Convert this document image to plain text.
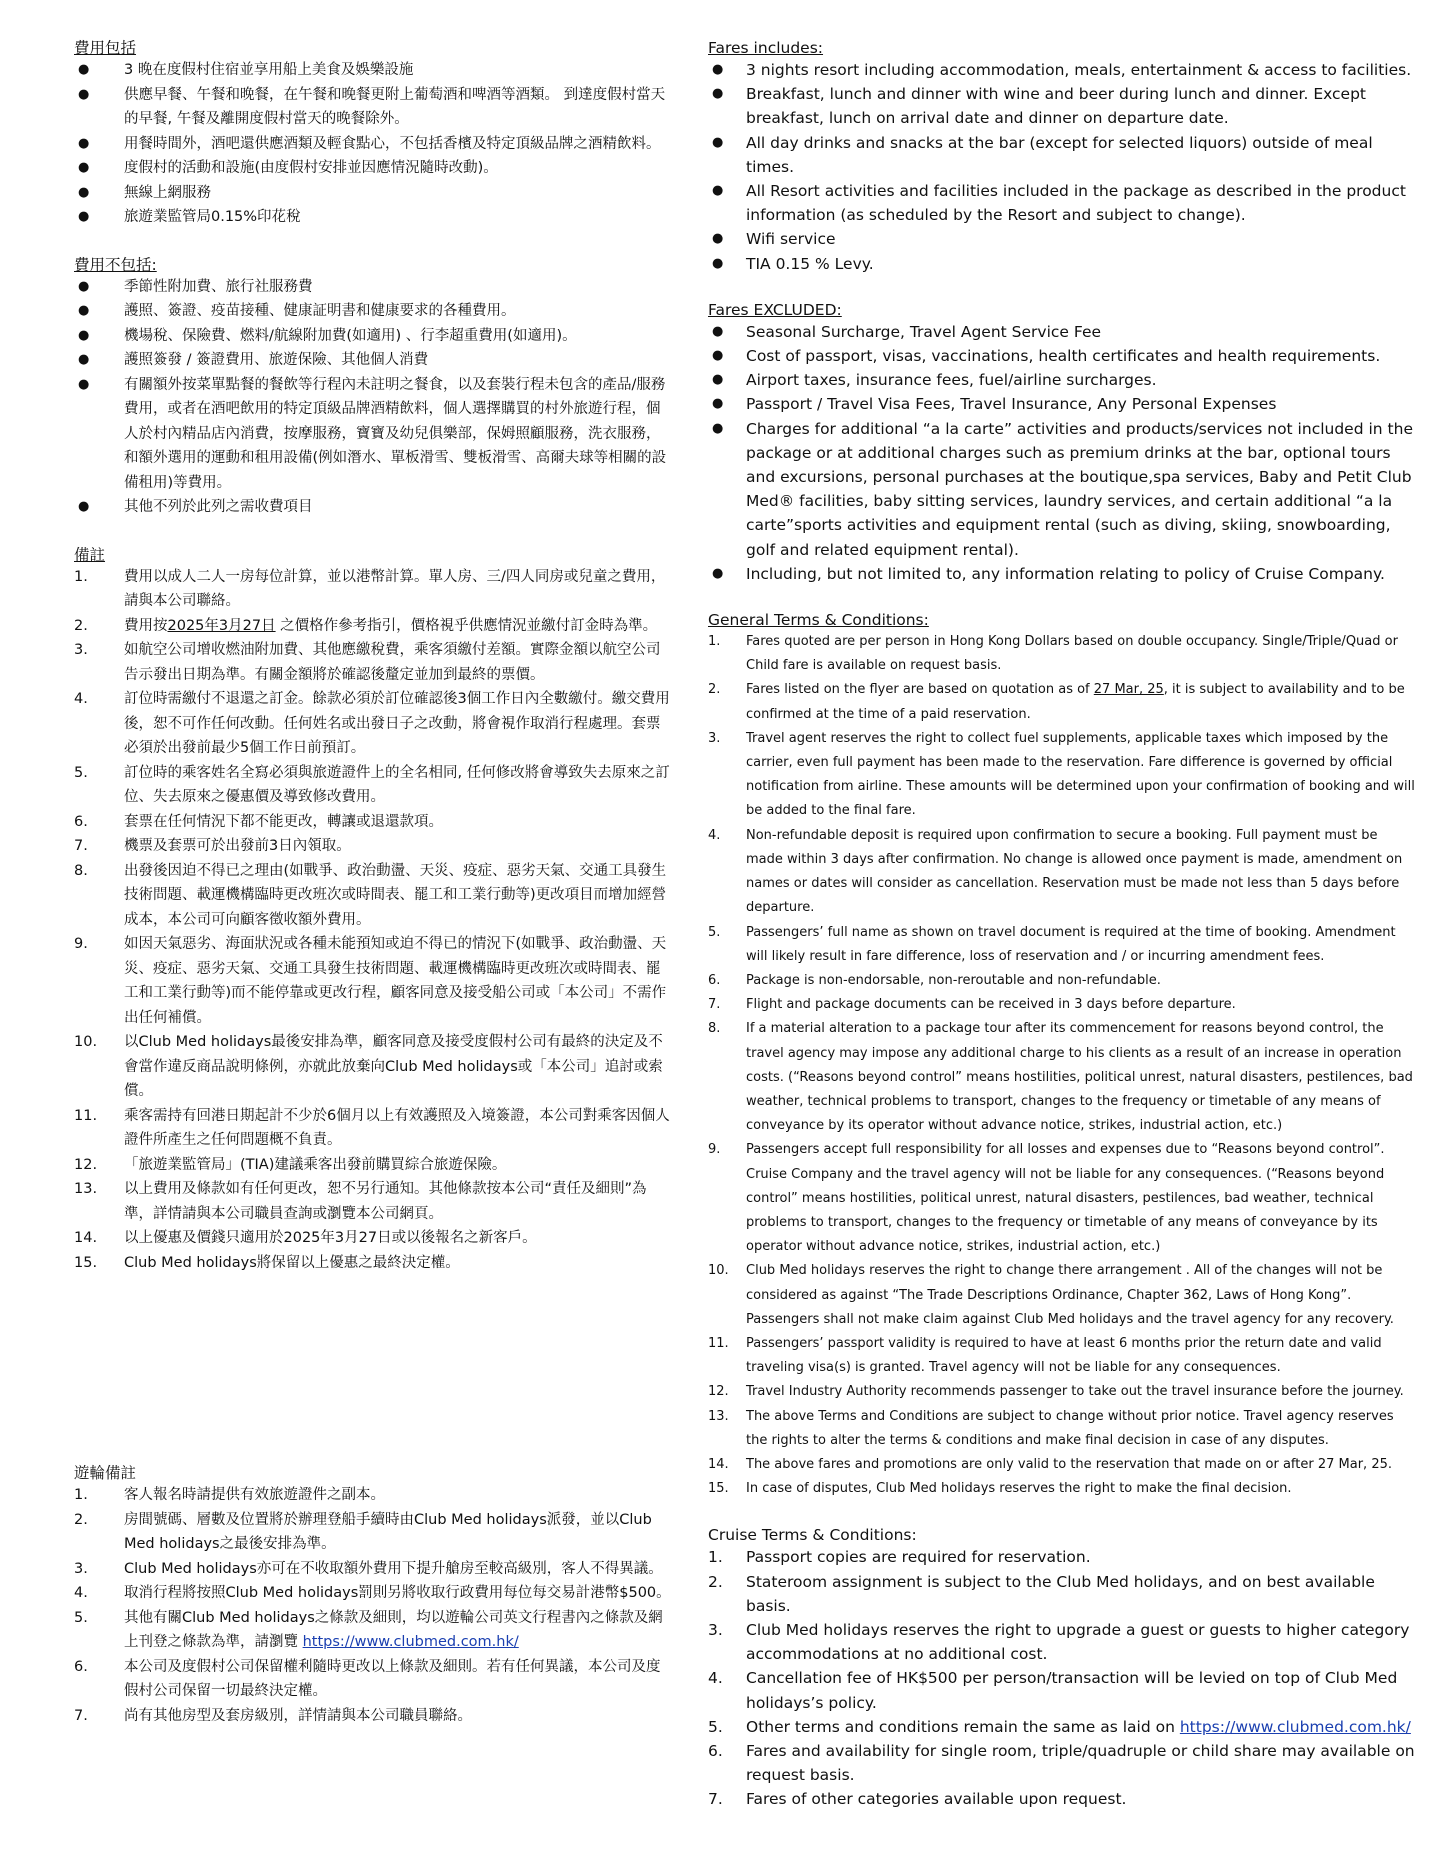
費用包括
● 3 晚在度假村住宿並享用船上美食及娛樂設施
● 供應早餐、午餐和晚餐，在午餐和晚餐更附上葡萄酒和啤酒等酒類。 到達度假村當天的早餐, 午餐及離開度假村當天的晚餐除外。
● 用餐時間外，酒吧還供應酒類及輕食點心，不包括香檳及特定頂級品牌之酒精飲料。
● 度假村的活動和設施(由度假村安排並因應情況隨時改動)。
● 無線上網服務
● 旅遊業監管局0.15%印花稅
費用不包括:
● 季節性附加費、旅行社服務費
● 護照、簽證、疫苗接種、健康証明書和健康要求的各種費用。
● 機場稅、保險費、燃料/航線附加費(如適用) 、行李超重費用(如適用)。
● 護照簽發 / 簽證費用、旅遊保險、其他個人消費
● 有關額外按菜單點餐的餐飲等行程內未註明之餐食，以及套裝行程未包含的產品/服務費用，或者在酒吧飲用的特定頂級品牌酒精飲料，個人選擇購買的村外旅遊行程，個人於村內精品店內消費，按摩服務，寶寶及幼兒俱樂部，保姆照顧服務，洗衣服務，和額外選用的運動和租用設備(例如潛水、單板滑雪、雙板滑雪、高爾夫球等相關的設備租用)等費用。
● 其他不列於此列之需收費項目
備註
1. 費用以成人二人一房每位計算，並以港幣計算。單人房、三/四人同房或兒童之費用，請與本公司聯絡。
2. 費用按2025年3月27日 之價格作參考指引，價格視乎供應情況並繳付訂金時為準。
3. 如航空公司增收燃油附加費、其他應繳稅費，乘客須繳付差額。實際金額以航空公司告示發出日期為準。有關金額將於確認後釐定並加到最終的票價。
4. 訂位時需繳付不退還之訂金。餘款必須於訂位確認後3個工作日內全數繳付。繳交費用後，恕不可作任何改動。任何姓名或出發日子之改動，將會視作取消行程處理。套票必須於出發前最少5個工作日前預訂。
5. 訂位時的乘客姓名全寫必須與旅遊證件上的全名相同, 任何修改將會導致失去原來之訂位、失去原來之優惠價及導致修改費用。
6. 套票在任何情況下都不能更改，轉讓或退還款項。
7. 機票及套票可於出發前3日內領取。
8. 出發後因迫不得已之理由(如戰爭、政治動盪、天災、疫症、惡劣天氣、交通工具發生技術問題、載運機構臨時更改班次或時間表、罷工和工業行動等)更改項目而增加經營成本，本公司可向顧客徵收額外費用。
9. 如因天氣惡劣、海面狀況或各種未能預知或迫不得已的情況下(如戰爭、政治動盪、天災、疫症、惡劣天氣、交通工具發生技術問題、載運機構臨時更改班次或時間表、罷工和工業行動等)而不能停靠或更改行程，顧客同意及接受船公司或「本公司」不需作出任何補償。
10. 以Club Med holidays最後安排為準，顧客同意及接受度假村公司有最終的決定及不會當作違反商品說明條例，亦就此放棄向Club Med holidays或「本公司」追討或索償。
11. 乘客需持有回港日期起計不少於6個月以上有效護照及入境簽證，本公司對乘客因個人證件所產生之任何問題概不負責。
12. 「旅遊業監管局」(TIA)建議乘客出發前購買綜合旅遊保險。
13. 以上費用及條款如有任何更改，恕不另行通知。其他條款按本公司“責任及細則”為準，詳情請與本公司職員查詢或瀏覽本公司網頁。
14. 以上優惠及價錢只適用於2025年3月27日或以後報名之新客戶。
15. Club Med holidays將保留以上優惠之最終決定權。
遊輪備註
1. 客人報名時請提供有效旅遊證件之副本。
2. 房間號碼、層數及位置將於辦理登船手續時由Club Med holidays派發，並以Club Med holidays之最後安排為準。
3. Club Med holidays亦可在不收取額外費用下提升艙房至較高級別，客人不得異議。
4. 取消行程將按照Club Med holidays罰則另將收取行政費用每位每交易計港幣$500。
5. 其他有關Club Med holidays之條款及細則，均以遊輪公司英文行程書內之條款及網上刊登之條款為準，請瀏覽 https://www.clubmed.com.hk/
6. 本公司及度假村公司保留權利隨時更改以上條款及細則。若有任何異議，本公司及度假村公司保留一切最終決定權。
7. 尚有其他房型及套房級別，詳情請與本公司職員聯絡。
Fares includes:
● 3 nights resort including accommodation, meals, entertainment & access to facilities.
● Breakfast, lunch and dinner with wine and beer during lunch and dinner. Except breakfast, lunch on arrival date and dinner on departure date.
● All day drinks and snacks at the bar (except for selected liquors) outside of meal times.
● All Resort activities and facilities included in the package as described in the product information (as scheduled by the Resort and subject to change).
● Wifi service
● TIA 0.15 % Levy.
Fares EXCLUDED:
● Seasonal Surcharge, Travel Agent Service Fee
● Cost of passport, visas, vaccinations, health certificates and health requirements.
● Airport taxes, insurance fees, fuel/airline surcharges.
● Passport / Travel Visa Fees, Travel Insurance, Any Personal Expenses
● Charges for additional “a la carte” activities and products/services not included in the package or at additional charges such as premium drinks at the bar, optional tours and excursions, personal purchases at the boutique,spa services, Baby and Petit Club Med® facilities, baby sitting services, laundry services, and certain additional “a la carte”sports activities and equipment rental (such as diving, skiing, snowboarding, golf and related equipment rental).
● Including, but not limited to, any information relating to policy of Cruise Company.
General Terms & Conditions:
1. Fares quoted are per person in Hong Kong Dollars based on double occupancy. Single/Triple/Quad or Child fare is available on request basis.
2. Fares listed on the flyer are based on quotation as of 27 Mar, 25, it is subject to availability and to be confirmed at the time of a paid reservation.
3. Travel agent reserves the right to collect fuel supplements, applicable taxes which imposed by the carrier, even full payment has been made to the reservation. Fare difference is governed by official notification from airline. These amounts will be determined upon your confirmation of booking and will be added to the final fare.
4. Non-refundable deposit is required upon confirmation to secure a booking. Full payment must be made within 3 days after confirmation. No change is allowed once payment is made, amendment on names or dates will consider as cancellation. Reservation must be made not less than 5 days before departure.
5. Passengers’ full name as shown on travel document is required at the time of booking. Amendment will likely result in fare difference, loss of reservation and / or incurring amendment fees.
6. Package is non-endorsable, non-reroutable and non-refundable.
7. Flight and package documents can be received in 3 days before departure.
8. If a material alteration to a package tour after its commencement for reasons beyond control, the travel agency may impose any additional charge to his clients as a result of an increase in operation costs. (“Reasons beyond control” means hostilities, political unrest, natural disasters, pestilences, bad weather, technical problems to transport, changes to the frequency or timetable of any means of conveyance by its operator without advance notice, strikes, industrial action, etc.)
9. Passengers accept full responsibility for all losses and expenses due to “Reasons beyond control”. Cruise Company and the travel agency will not be liable for any consequences. (“Reasons beyond control” means hostilities, political unrest, natural disasters, pestilences, bad weather, technical problems to transport, changes to the frequency or timetable of any means of conveyance by its operator without advance notice, strikes, industrial action, etc.)
10. Club Med holidays reserves the right to change there arrangement . All of the changes will not be considered as against “The Trade Descriptions Ordinance, Chapter 362, Laws of Hong Kong”. Passengers shall not make claim against Club Med holidays and the travel agency for any recovery.
11. Passengers’ passport validity is required to have at least 6 months prior the return date and valid traveling visa(s) is granted. Travel agency will not be liable for any consequences.
12. Travel Industry Authority recommends passenger to take out the travel insurance before the journey.
13. The above Terms and Conditions are subject to change without prior notice. Travel agency reserves the rights to alter the terms & conditions and make final decision in case of any disputes.
14. The above fares and promotions are only valid to the reservation that made on or after 27 Mar, 25.
15. In case of disputes, Club Med holidays reserves the right to make the final decision.
Cruise Terms & Conditions:
1. Passport copies are required for reservation.
2. Stateroom assignment is subject to the Club Med holidays, and on best available basis.
3. Club Med holidays reserves the right to upgrade a guest or guests to higher category accommodations at no additional cost.
4. Cancellation fee of HK$500 per person/transaction will be levied on top of Club Med holidays’s policy.
5. Other terms and conditions remain the same as laid on https://www.clubmed.com.hk/
6. Fares and availability for single room, triple/quadruple or child share may available on request basis.
7. Fares of other categories available upon request.
